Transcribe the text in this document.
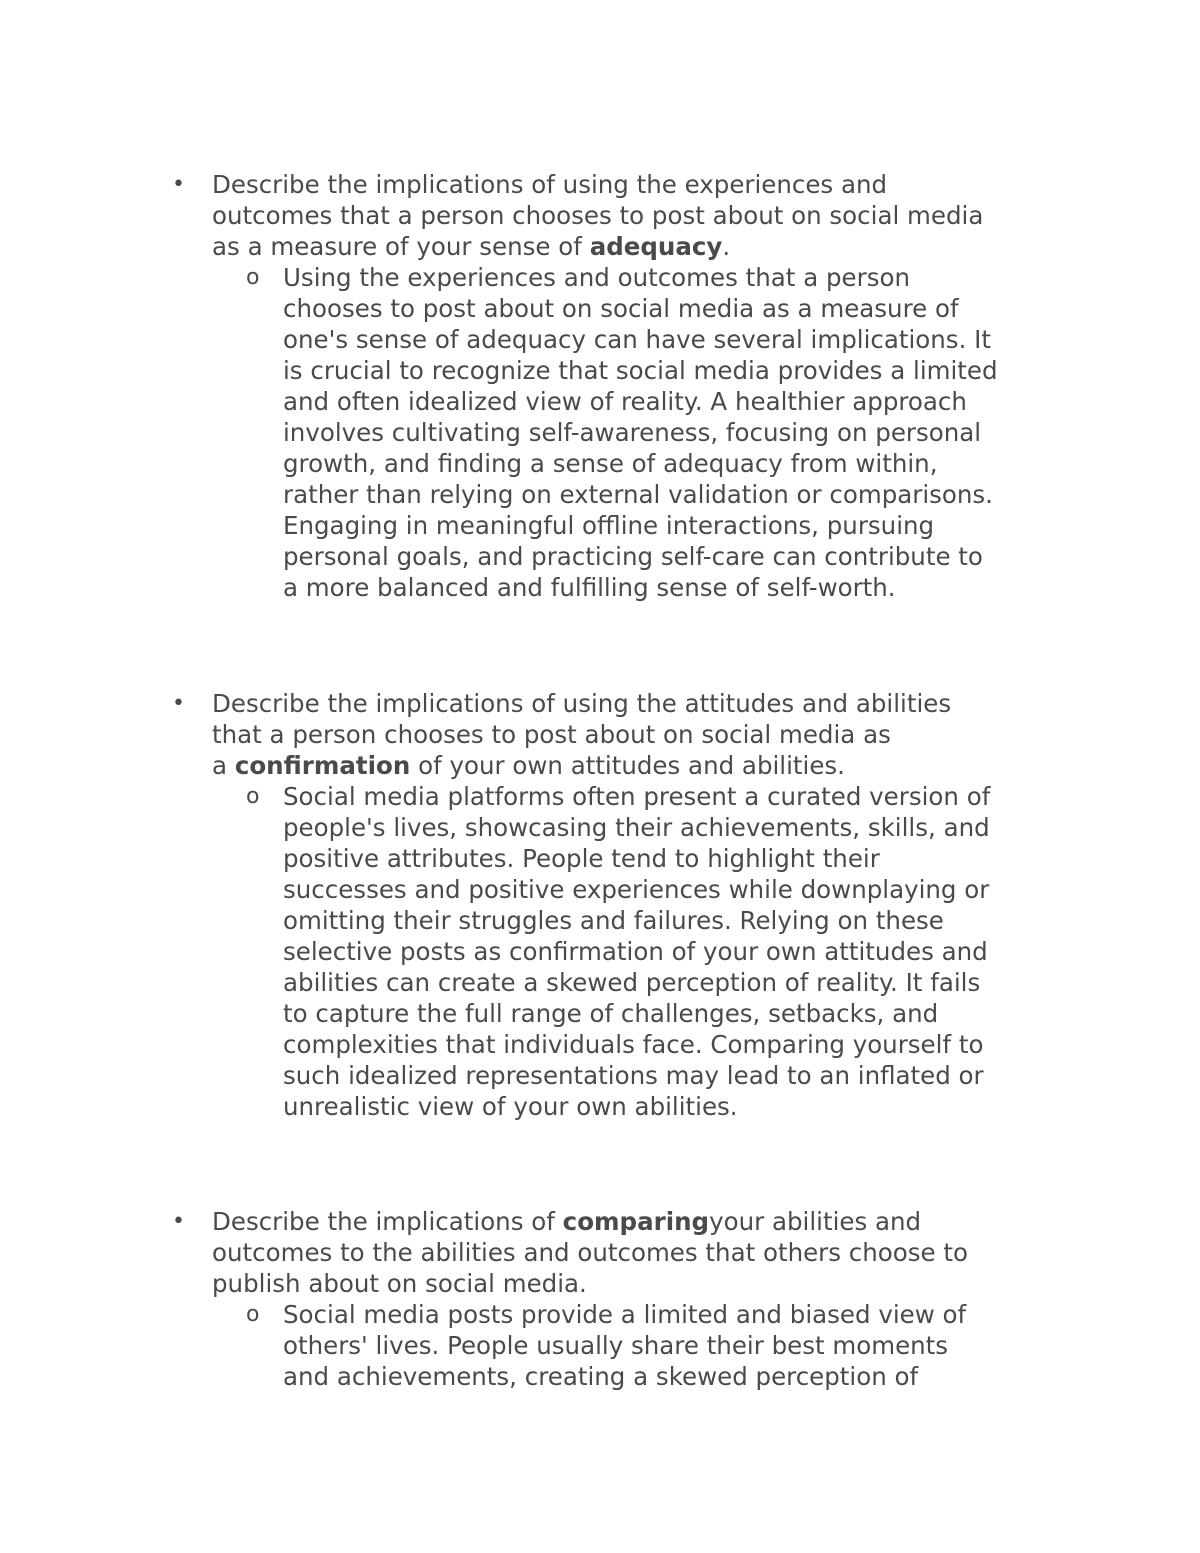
• Describe the implications of using the experiences and
outcomes that a person chooses to post about on social media
as a measure of your sense of adequacy.
o Using the experiences and outcomes that a person
chooses to post about on social media as a measure of
one's sense of adequacy can have several implications. It
is crucial to recognize that social media provides a limited
and often idealized view of reality. A healthier approach
involves cultivating self-awareness, focusing on personal
growth, and finding a sense of adequacy from within,
rather than relying on external validation or comparisons.
Engaging in meaningful offline interactions, pursuing
personal goals, and practicing self-care can contribute to
a more balanced and fulfilling sense of self-worth.
• Describe the implications of using the attitudes and abilities
that a person chooses to post about on social media as
a confirmation of your own attitudes and abilities.
o Social media platforms often present a curated version of
people's lives, showcasing their achievements, skills, and
positive attributes. People tend to highlight their
successes and positive experiences while downplaying or
omitting their struggles and failures. Relying on these
selective posts as confirmation of your own attitudes and
abilities can create a skewed perception of reality. It fails
to capture the full range of challenges, setbacks, and
complexities that individuals face. Comparing yourself to
such idealized representations may lead to an inflated or
unrealistic view of your own abilities.
• Describe the implications of comparingyour abilities and
outcomes to the abilities and outcomes that others choose to
publish about on social media.
o Social media posts provide a limited and biased view of
others' lives. People usually share their best moments
and achievements, creating a skewed perception of
